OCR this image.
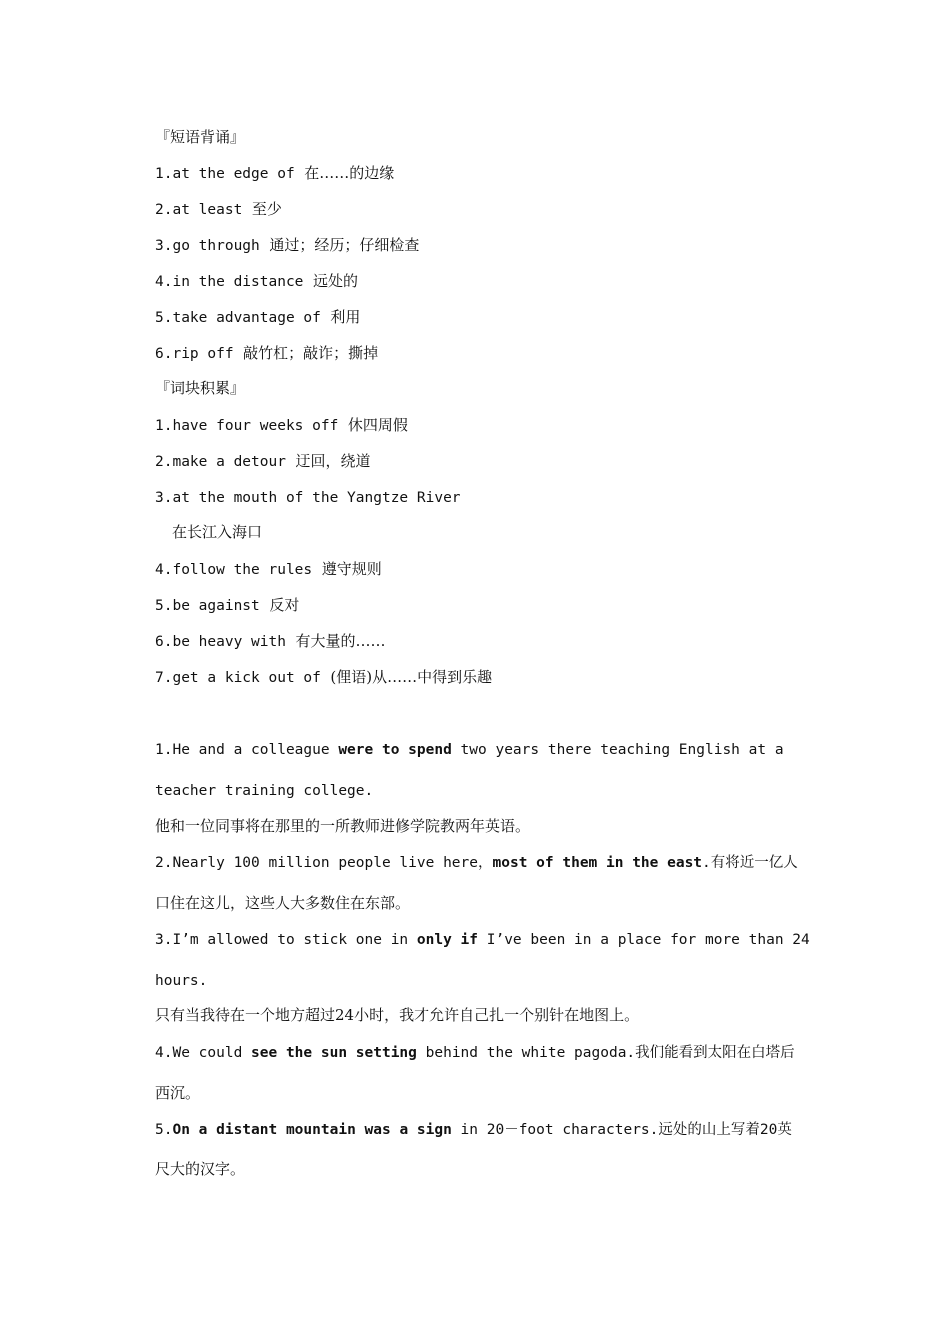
『短语背诵』
1.at the edge of 在……的边缘
2.at least 至少
3.go through 通过；经历；仔细检查
4.in the distance 远处的
5.take advantage of 利用
6.rip off 敲竹杠；敲诈；撕掉
『词块积累』
1.have four weeks off 休四周假
2.make a detour 迂回，绕道
3.at the mouth of the Yangtze River
在长江入海口
4.follow the rules 遵守规则
5.be against 反对
6.be heavy with 有大量的……
7.get a kick out of (俚语)从……中得到乐趣
1.He and a colleague were to spend two years there teaching English at a
teacher training college.
他和一位同事将在那里的一所教师进修学院教两年英语。
2.Nearly 100 million people live here，most of them in the east.有将近一亿人
口住在这儿，这些人大多数住在东部。
3.I’m allowed to stick one in only if I’ve been in a place for more than 24
hours.
只有当我待在一个地方超过24小时，我才允许自己扎一个别针在地图上。
4.We could see the sun setting behind the white pagoda.我们能看到太阳在白塔后
西沉。
5.On a distant mountain was a sign in 20－foot characters.远处的山上写着20英
尺大的汉字。
